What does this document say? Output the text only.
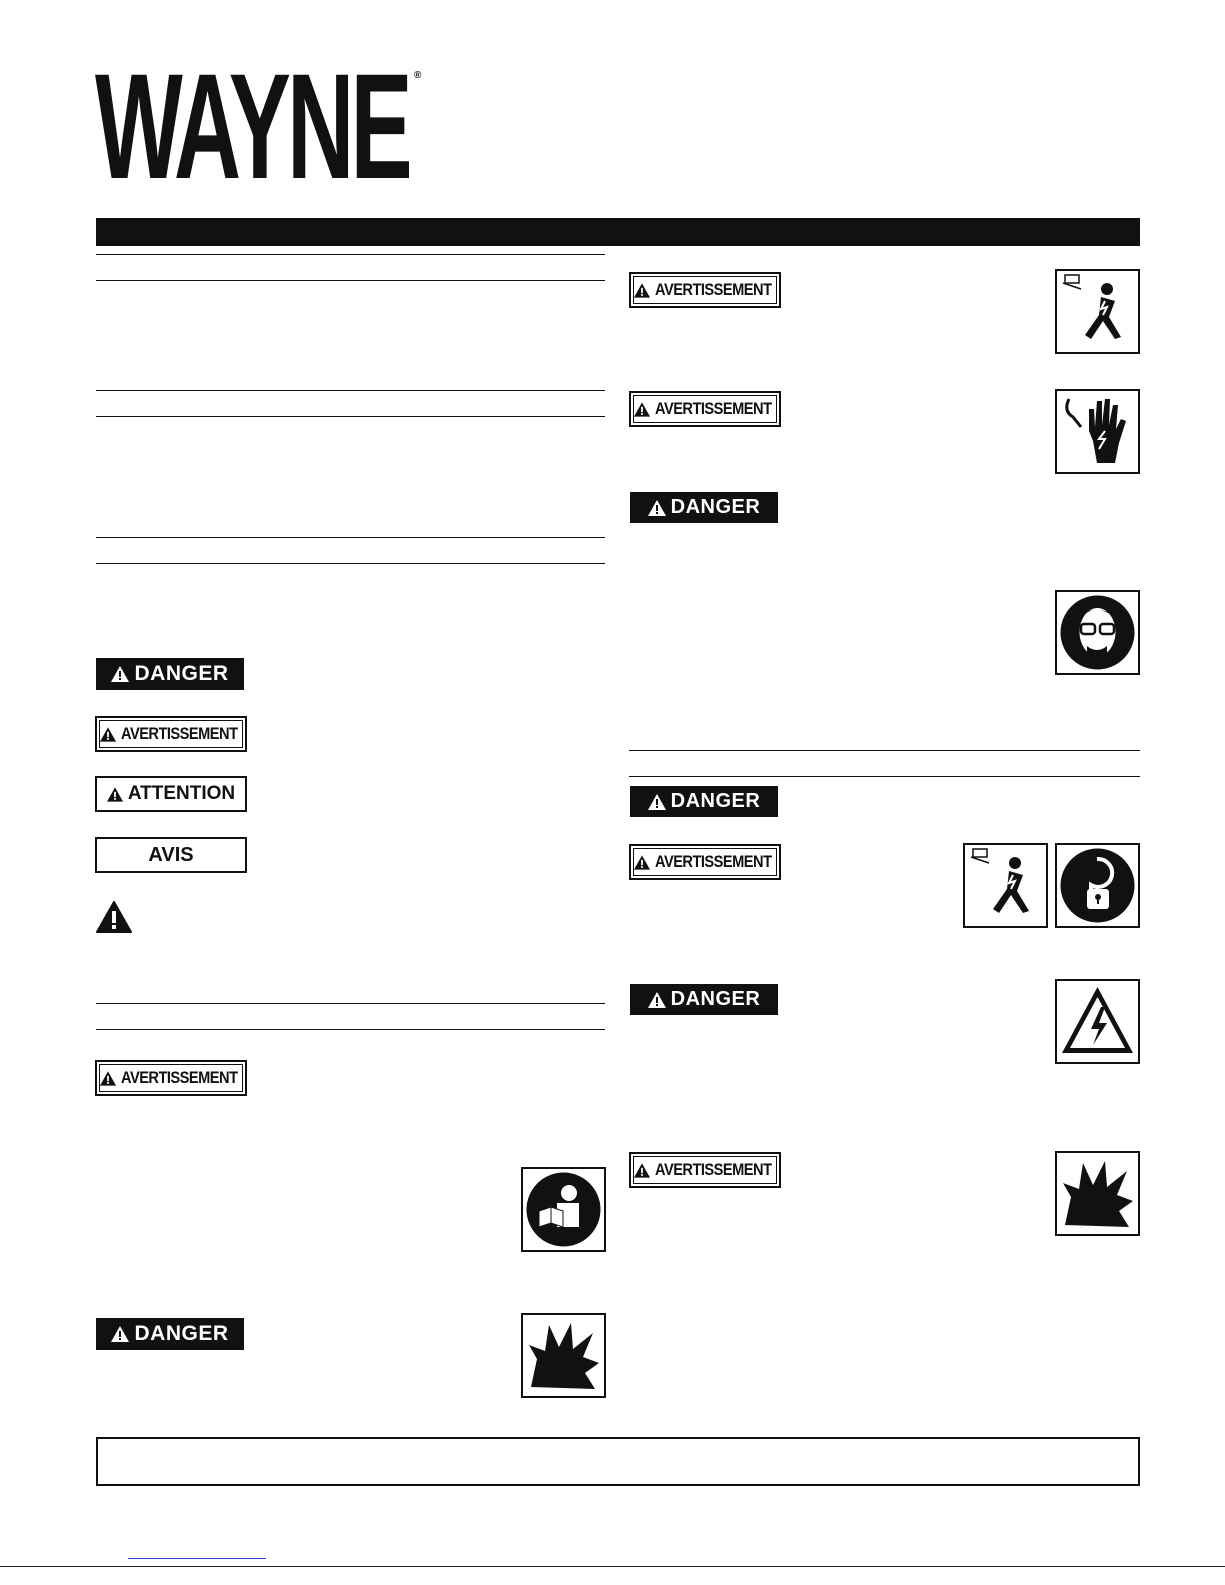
WAYNE ®
DANGER
AVERTISSEMENT
ATTENTION
AVIS
AVERTISSEMENT
DANGER
AVERTISSEMENT
AVERTISSEMENT
DANGER
DANGER
AVERTISSEMENT
DANGER
AVERTISSEMENT
